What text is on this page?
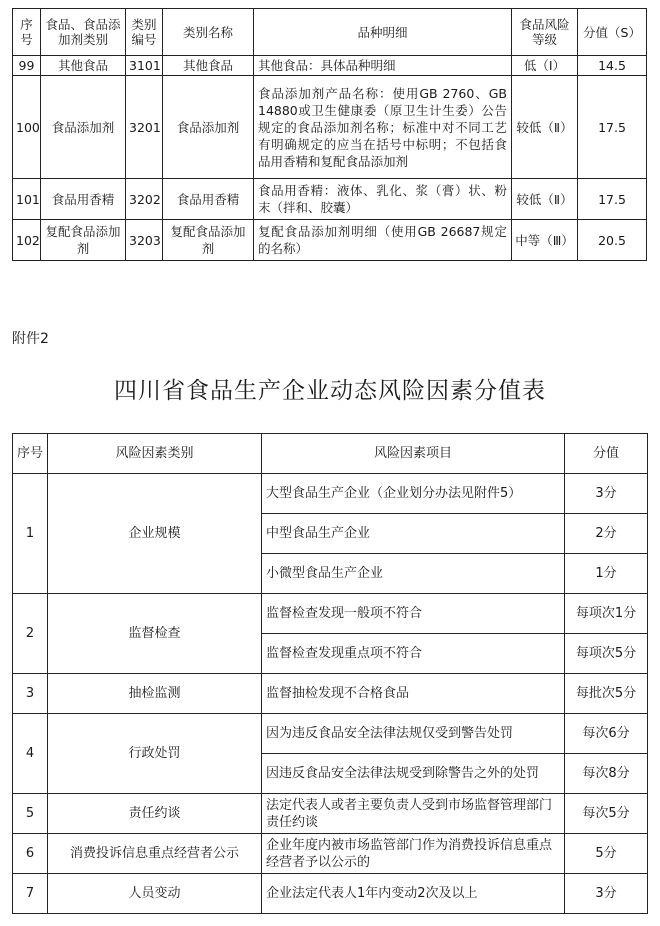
序号	食品、食品添加剂类别	类别编号	类别名称	品种明细	食品风险等级	分值（S）
99	其他食品	3101	其他食品	其他食品：具体品种明细	低（Ⅰ）	14.5
100	食品添加剂	3201	食品添加剂	食品添加剂产品名称：使用GB 2760、GB 14880或卫生健康委（原卫生计生委）公告规定的食品添加剂名称；标准中对不同工艺有明确规定的应当在括号中标明；不包括食品用香精和复配食品添加剂	较低（Ⅱ）	17.5
101	食品用香精	3202	食品用香精	食品用香精：液体、乳化、浆（膏）状、粉末（拌和、胶囊）	较低（Ⅱ）	17.5
102	复配食品添加剂	3203	复配食品添加剂	复配食品添加剂明细（使用GB 26687规定的名称）	中等（Ⅲ）	20.5
附件2
四川省食品生产企业动态风险因素分值表
序号	风险因素类别	风险因素项目	分值
1	企业规模	大型食品生产企业（企业划分办法见附件5）	3分
		中型食品生产企业	2分
		小微型食品生产企业	1分
2	监督检查	监督检查发现一般项不符合	每项次1分
		监督检查发现重点项不符合	每项次5分
3	抽检监测	监督抽检发现不合格食品	每批次5分
4	行政处罚	因为违反食品安全法律法规仅受到警告处罚	每次6分
		因违反食品安全法律法规受到除警告之外的处罚	每次8分
5	责任约谈	法定代表人或者主要负责人受到市场监督管理部门责任约谈	每次5分
6	消费投诉信息重点经营者公示	企业年度内被市场监管部门作为消费投诉信息重点经营者予以公示的	5分
7	人员变动	企业法定代表人1年内变动2次及以上	3分
